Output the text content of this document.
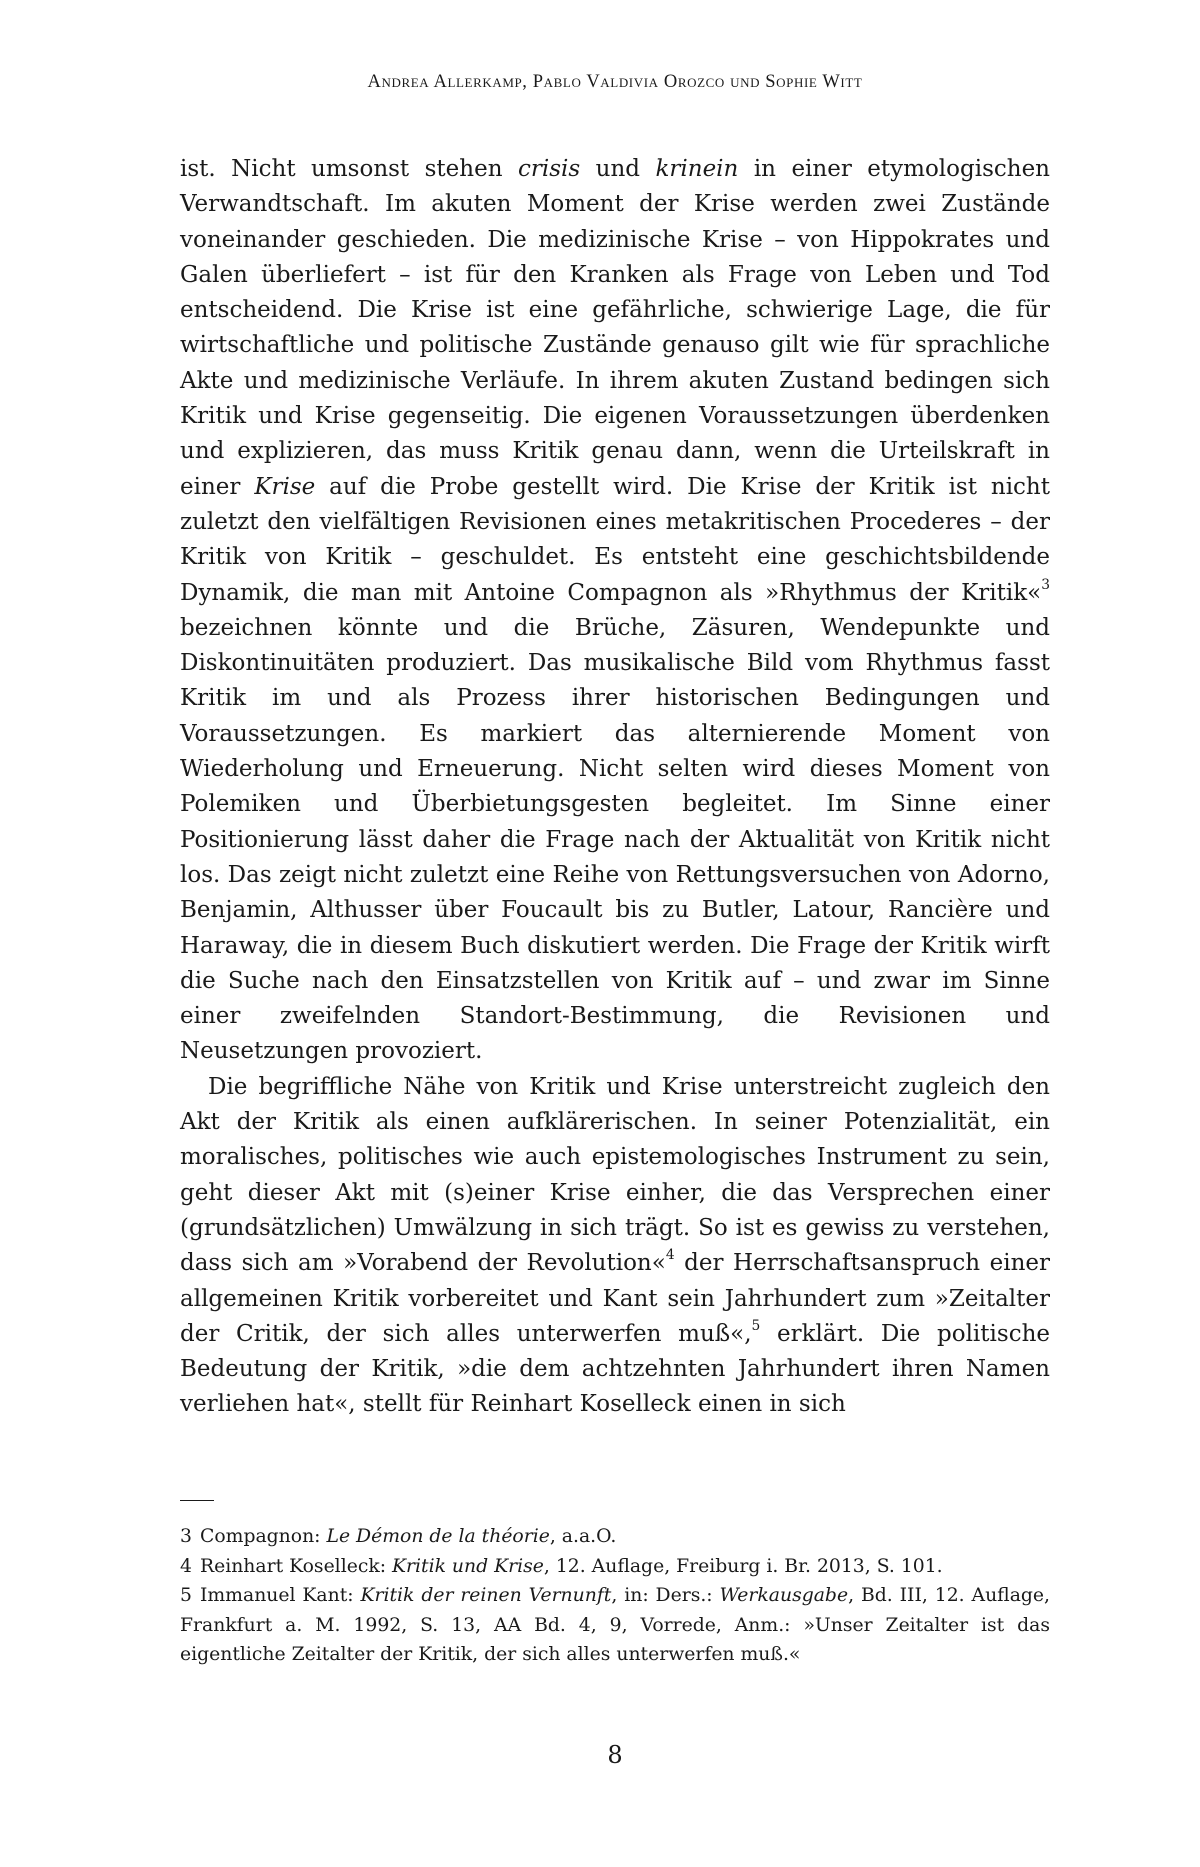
Andrea Allerkamp, Pablo Valdivia Orozco und Sophie Witt

ist. Nicht umsonst stehen crisis und krinein in einer etymologischen Verwandtschaft. Im akuten Moment der Krise werden zwei Zustände voneinander geschieden. Die medizinische Krise – von Hippokrates und Galen überliefert – ist für den Kranken als Frage von Leben und Tod entscheidend. Die Krise ist eine gefährliche, schwierige Lage, die für wirtschaftliche und politische Zustände genauso gilt wie für sprachliche Akte und medizinische Verläufe. In ihrem akuten Zustand bedingen sich Kritik und Krise gegenseitig. Die eigenen Voraussetzungen überdenken und explizieren, das muss Kritik genau dann, wenn die Urteilskraft in einer Krise auf die Probe gestellt wird. Die Krise der Kritik ist nicht zuletzt den vielfältigen Revisionen eines metakritischen Procederes – der Kritik von Kritik – geschuldet. Es entsteht eine geschichtsbildende Dynamik, die man mit Antoine Compagnon als »Rhythmus der Kritik«$^3$ bezeichnen könnte und die Brüche, Zäsuren, Wendepunkte und Diskontinuitäten produziert. Das musikalische Bild vom Rhythmus fasst Kritik im und als Prozess ihrer historischen Bedingungen und Voraussetzungen. Es markiert das alternierende Moment von Wiederholung und Erneuerung. Nicht selten wird dieses Moment von Polemiken und Überbietungsgesten begleitet. Im Sinne einer Positionierung lässt daher die Frage nach der Aktualität von Kritik nicht los. Das zeigt nicht zuletzt eine Reihe von Rettungsversuchen von Adorno, Benjamin, Althusser über Foucault bis zu Butler, Latour, Rancière und Haraway, die in diesem Buch diskutiert werden. Die Frage der Kritik wirft die Suche nach den Einsatzstellen von Kritik auf – und zwar im Sinne einer zweifelnden Standort-Bestimmung, die Revisionen und Neusetzungen provoziert.

Die begriffliche Nähe von Kritik und Krise unterstreicht zugleich den Akt der Kritik als einen aufklärerischen. In seiner Potenzialität, ein moralisches, politisches wie auch epistemologisches Instrument zu sein, geht dieser Akt mit (s)einer Krise einher, die das Versprechen einer (grundsätzlichen) Umwälzung in sich trägt. So ist es gewiss zu verstehen, dass sich am »Vorabend der Revolution«$^4$ der Herrschaftsanspruch einer allgemeinen Kritik vorbereitet und Kant sein Jahrhundert zum »Zeitalter der Critik, der sich alles unterwerfen muß«,$^5$ erklärt. Die politische Bedeutung der Kritik, »die dem achtzehnten Jahrhundert ihren Namen verliehen hat«, stellt für Reinhart Koselleck einen in sich

3 Compagnon: Le Démon de la théorie, a.a.O.

4 Reinhart Koselleck: Kritik und Krise, 12. Auflage, Freiburg i. Br. 2013, S. 101.

5 Immanuel Kant: Kritik der reinen Vernunft, in: Ders.: Werkausgabe, Bd. III, 12. Auflage, Frankfurt a. M. 1992, S. 13, AA Bd. 4, 9, Vorrede, Anm.: »Unser Zeitalter ist das eigentliche Zeitalter der Kritik, der sich alles unterwerfen muß.«

8
